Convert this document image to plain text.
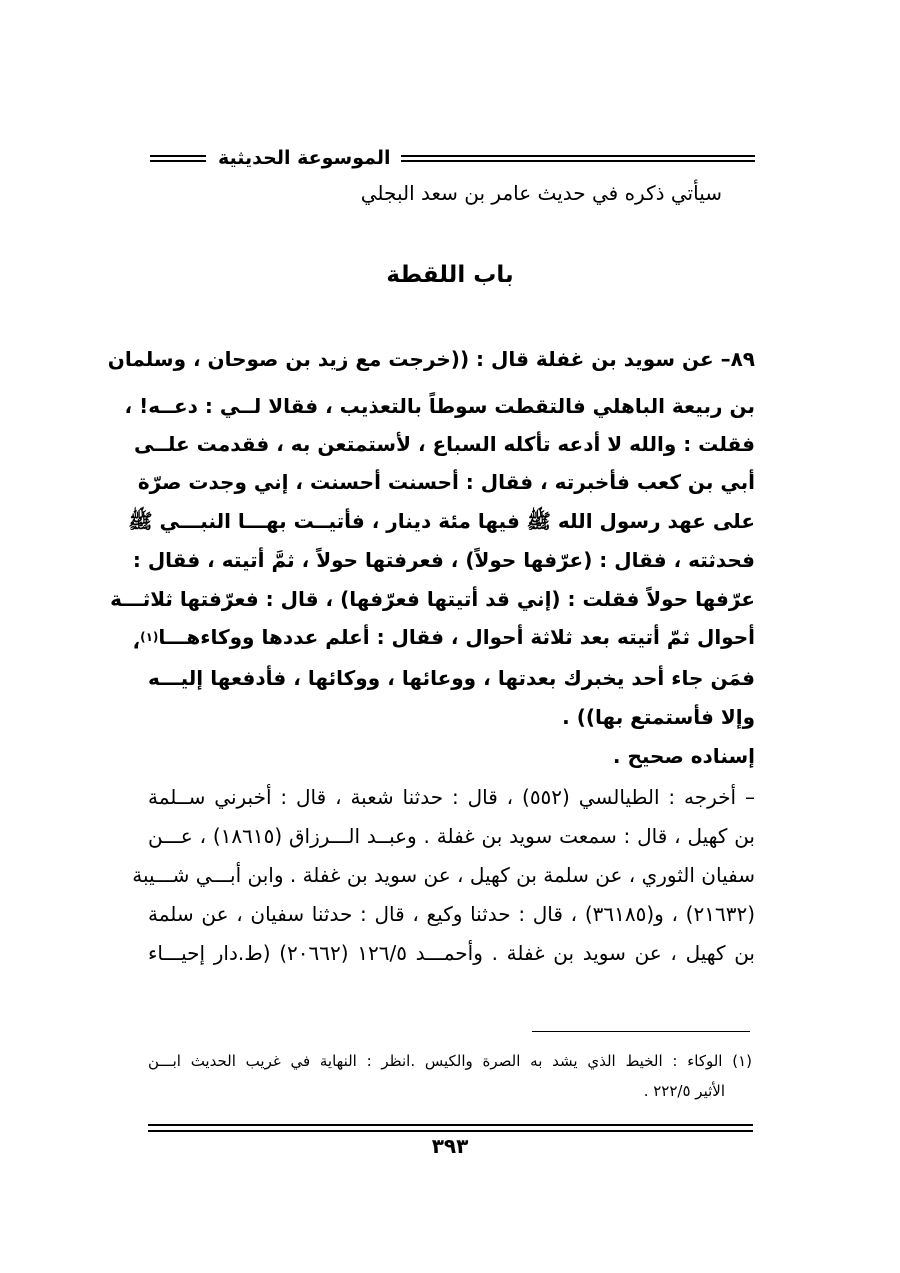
الموسوعة الحديثية
سيأتي ذكره في حديث عامر بن سعد البجلي
باب اللقطة
٨٩– عن سويد بن غفلة قال : ((خرجت مع زيد بن صوحان ، وسلمان
بن ربيعة الباهلي فالتقطت سوطاً بالتعذيب ، فقالا لــي : دعــه! ،
فقلت : والله لا أدعه تأكله السباع ، لأستمتعن به ، فقدمت علــى
أبي بن كعب فأخبرته ، فقال : أحسنت أحسنت ، إني وجدت صرّة
على عهد رسول الله ﷺ فيها مئة دينار ، فأتيــت بهـــا النبـــي ﷺ
فحدثته ، فقال : (عرّفها حولاً) ، فعرفتها حولاً ، ثمَّ أتيته ، فقال :
عرّفها حولاً فقلت : (إني قد أتيتها فعرّفها) ، قال : فعرّفتها ثلاثـــة
أحوال ثمّ أتيته بعد ثلاثة أحوال ، فقال : أعلم عددها ووكاءهـــا
$^{(١)}$،
فمَن جاء أحد يخبرك بعدتها ، ووعائها ، ووكائها ، فأدفعها إليـــه
وإلا فأستمتع بها)) .
إسناده صحيح .
– أخرجه : الطيالسي (٥٥٢) ، قال : حدثنا شعبة ، قال : أخبرني ســلمة
بن كهيل ، قال : سمعت سويد بن غفلة . وعبــد الـــرزاق (١٨٦١٥) ، عـــن
سفيان الثوري ، عن سلمة بن كهيل ، عن سويد بن غفلة . وابن أبـــي شـــيبة
(٢١٦٣٢) ، و(٣٦١٨٥) ، قال : حدثنا وكيع ، قال : حدثنا سفيان ، عن سلمة
بن كهيل ، عن سويد بن غفلة . وأحمـــد ١٢٦/٥ (٢٠٦٦٢) (ط.دار إحيـــاء
(١) الوكاء : الخيط الذي يشد به الصرة والكيس .انظر : النهاية في غريب الحديث ابـــن
الأثير ٢٢٢/٥ .
٣٩٣
